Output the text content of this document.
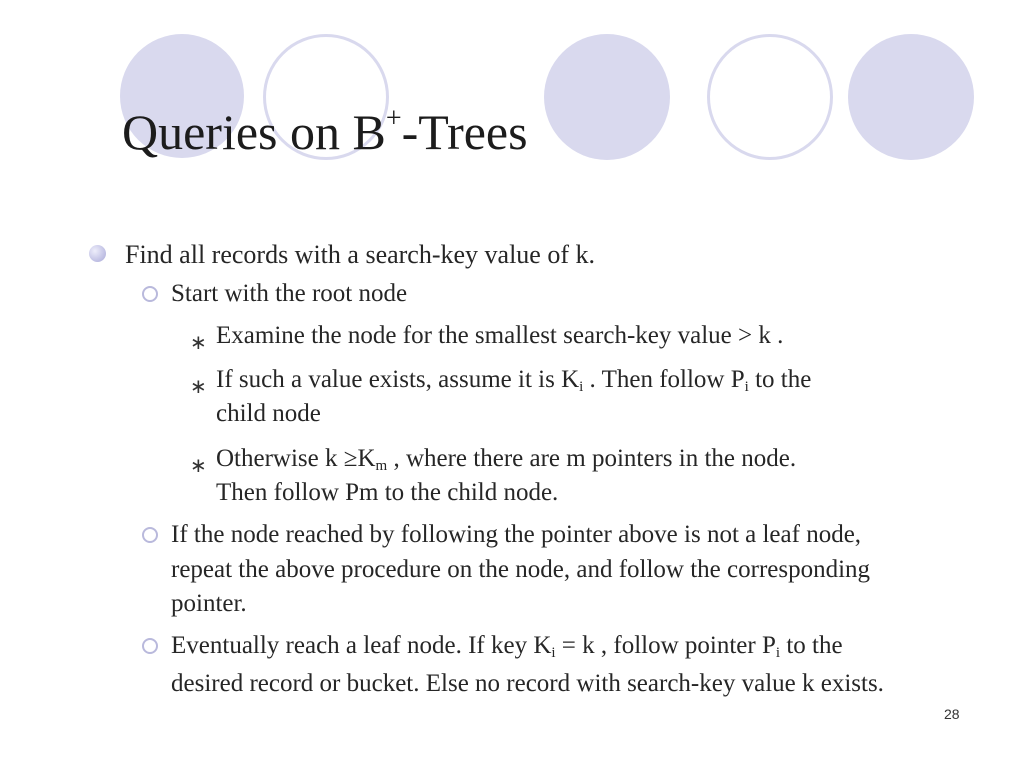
Queries on B+-Trees
Find all records with a search-key value of k.
Start with the root node
∗ Examine the node for the smallest search-key value > k .
∗ If such a value exists, assume it is $K_i$ . Then follow $P_i$ to the
child node
∗ Otherwise $k \ge K_m$ , where there are m pointers in the node.
Then follow Pm to the child node.
If the node reached by following the pointer above is not a leaf node,
repeat the above procedure on the node, and follow the corresponding
pointer.
Eventually reach a leaf node. If key $K_i = k$ , follow pointer $P_i$ to the
desired record or bucket. Else no record with search-key value k exists.
28
